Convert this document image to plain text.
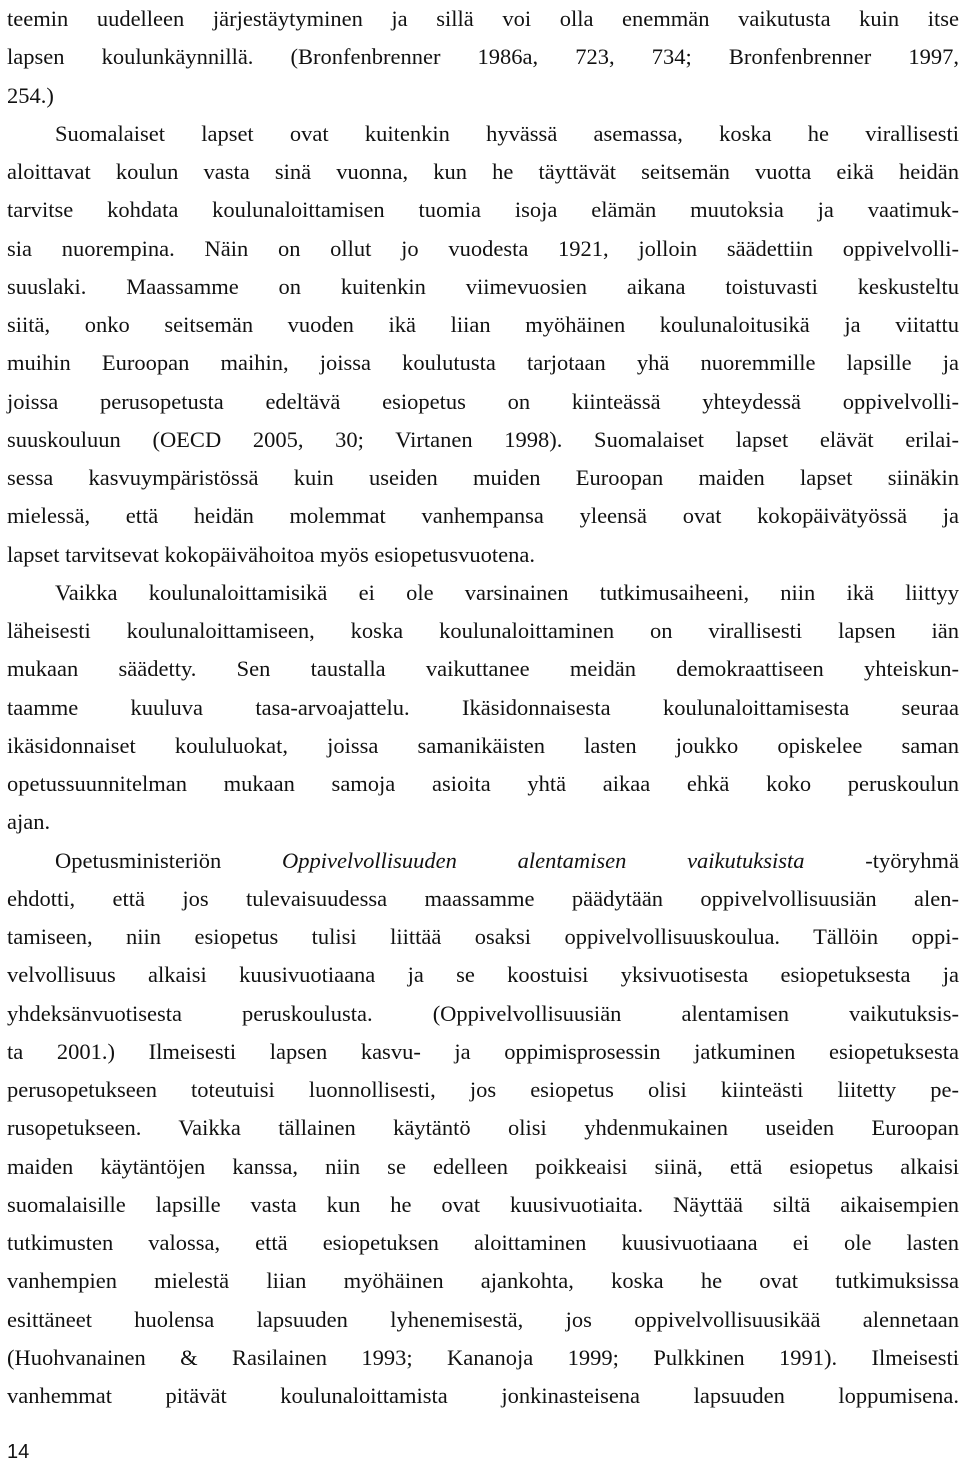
teemin uudelleen järjestäytyminen ja sillä voi olla enemmän vaikutusta kuin itse
lapsen koulunkäynnillä. (Bronfenbrenner 1986a, 723, 734; Bronfenbrenner 1997,
254.)
Suomalaiset lapset ovat kuitenkin hyvässä asemassa, koska he virallisesti
aloittavat koulun vasta sinä vuonna, kun he täyttävät seitsemän vuotta eikä heidän
tarvitse kohdata koulunaloittamisen tuomia isoja elämän muutoksia ja vaatimuk-
sia nuorempina. Näin on ollut jo vuodesta 1921, jolloin säädettiin oppivelvolli-
suuslaki. Maassamme on kuitenkin viimevuosien aikana toistuvasti keskusteltu
siitä, onko seitsemän vuoden ikä liian myöhäinen koulunaloitusikä ja viitattu
muihin Euroopan maihin, joissa koulutusta tarjotaan yhä nuoremmille lapsille ja
joissa perusopetusta edeltävä esiopetus on kiinteässä yhteydessä oppivelvolli-
suuskouluun (OECD 2005, 30; Virtanen 1998). Suomalaiset lapset elävät erilai-
sessa kasvuympäristössä kuin useiden muiden Euroopan maiden lapset siinäkin
mielessä, että heidän molemmat vanhempansa yleensä ovat kokopäivätyössä ja
lapset tarvitsevat kokopäivähoitoa myös esiopetusvuotena.
Vaikka koulunaloittamisikä ei ole varsinainen tutkimusaiheeni, niin ikä liittyy
läheisesti koulunaloittamiseen, koska koulunaloittaminen on virallisesti lapsen iän
mukaan säädetty. Sen taustalla vaikuttanee meidän demokraattiseen yhteiskun-
taamme kuuluva tasa-arvoajattelu. Ikäsidonnaisesta koulunaloittamisesta seuraa
ikäsidonnaiset koululuokat, joissa samanikäisten lasten joukko opiskelee saman
opetussuunnitelman mukaan samoja asioita yhtä aikaa ehkä koko peruskoulun
ajan.
Opetusministeriön Oppivelvollisuuden alentamisen vaikutuksista -työryhmä
ehdotti, että jos tulevaisuudessa maassamme päädytään oppivelvollisuusiän alen-
tamiseen, niin esiopetus tulisi liittää osaksi oppivelvollisuuskoulua. Tällöin oppi-
velvollisuus alkaisi kuusivuotiaana ja se koostuisi yksivuotisesta esiopetuksesta ja
yhdeksänvuotisesta peruskoulusta. (Oppivelvollisuusiän alentamisen vaikutuksis-
ta 2001.) Ilmeisesti lapsen kasvu- ja oppimisprosessin jatkuminen esiopetuksesta
perusopetukseen toteutuisi luonnollisesti, jos esiopetus olisi kiinteästi liitetty pe-
rusopetukseen. Vaikka tällainen käytäntö olisi yhdenmukainen useiden Euroopan
maiden käytäntöjen kanssa, niin se edelleen poikkeaisi siinä, että esiopetus alkaisi
suomalaisille lapsille vasta kun he ovat kuusivuotiaita. Näyttää siltä aikaisempien
tutkimusten valossa, että esiopetuksen aloittaminen kuusivuotiaana ei ole lasten
vanhempien mielestä liian myöhäinen ajankohta, koska he ovat tutkimuksissa
esittäneet huolensa lapsuuden lyhenemisestä, jos oppivelvollisuusikää alennetaan
(Huohvanainen & Rasilainen 1993; Kananoja 1999; Pulkkinen 1991). Ilmeisesti
vanhemmat pitävät koulunaloittamista jonkinasteisena lapsuuden loppumisena.
14
